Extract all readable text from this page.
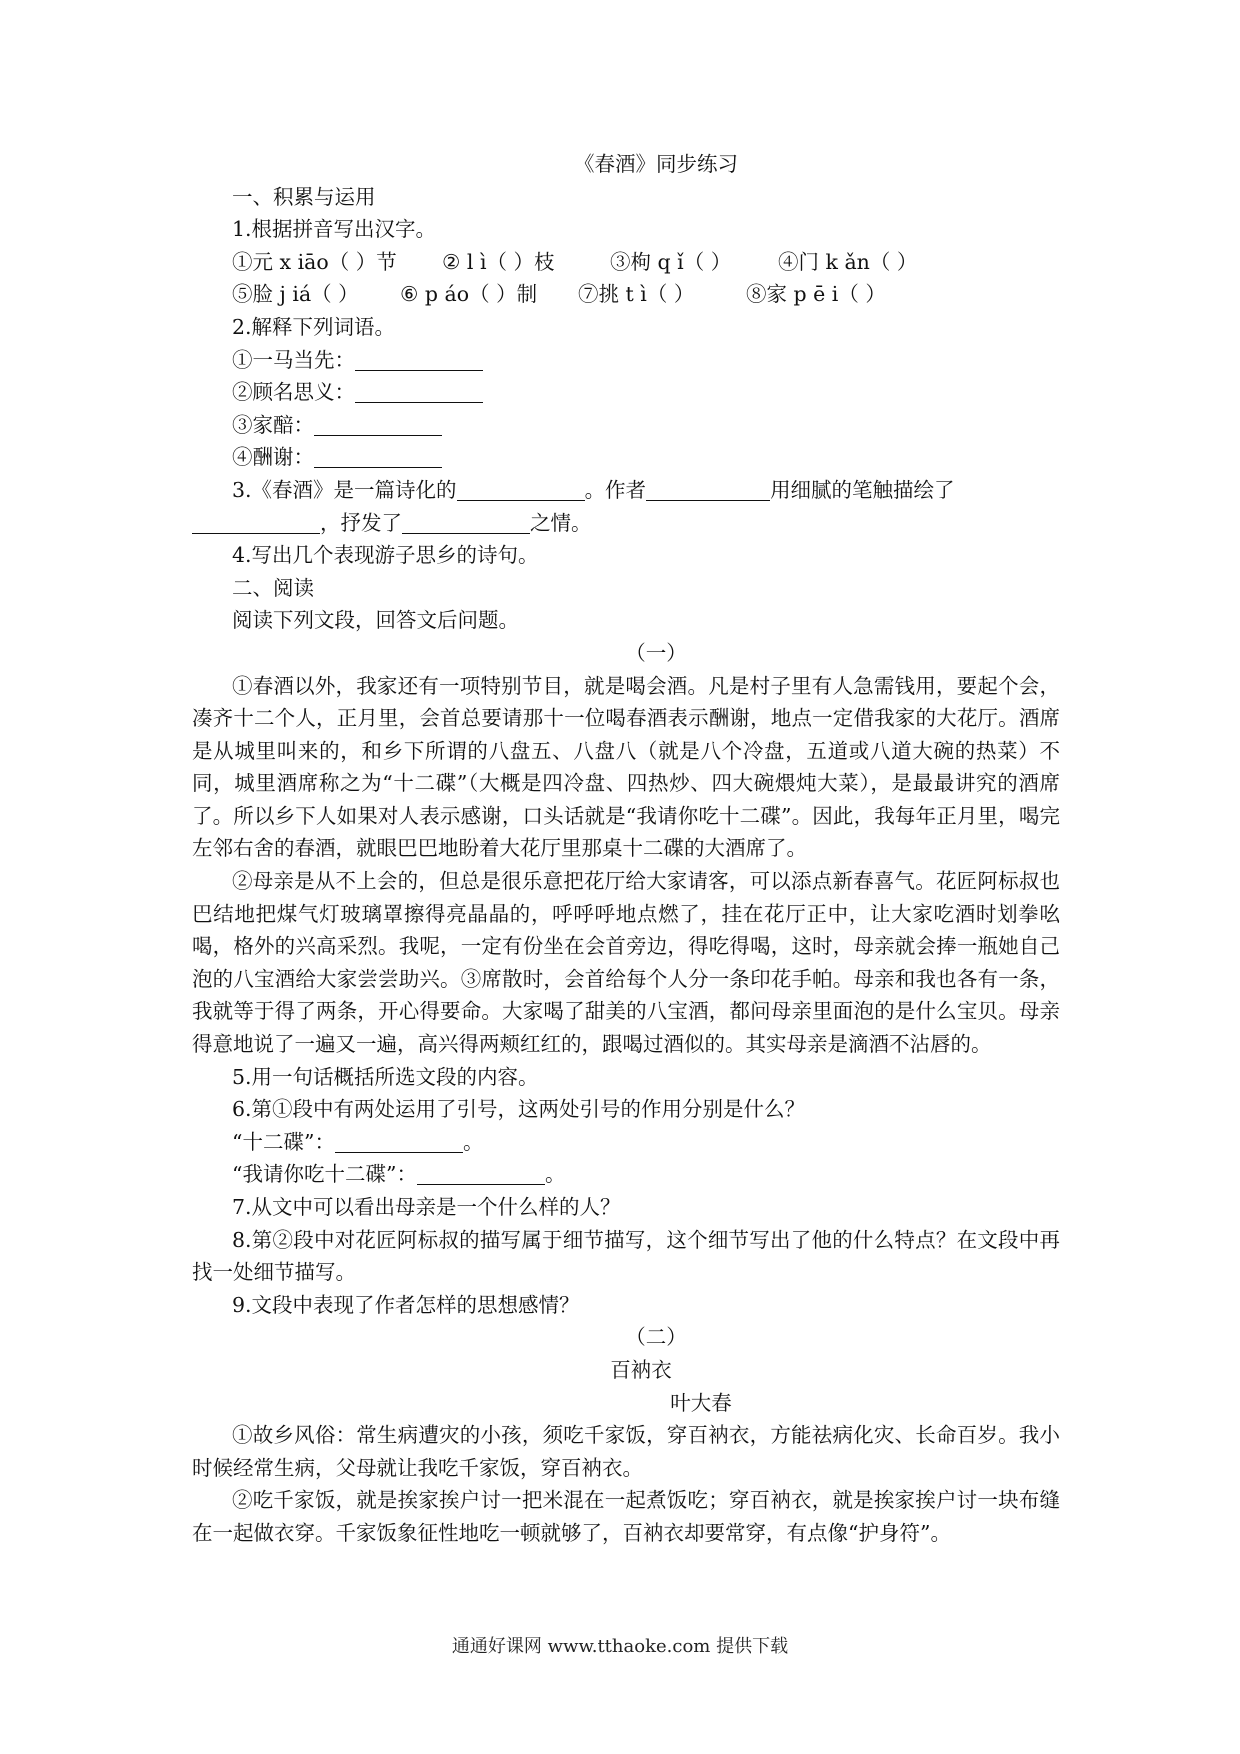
《春酒》同步练习
一、积累与运用
1.根据拼音写出汉字。
①元 x iāo（ ）节 ② l ì（ ）枝	③枸 q ǐ（ ） ④门 k ǎn（ ）
⑤脸 j iá（ ） ⑥ p áo（ ）制 ⑦挑 t ì（ ）	⑧家 p ē i（ ）
2.解释下列词语。
①一马当先：
②顾名思义：
③家醅：
④酬谢：
3.《春酒》是一篇诗化的	。作者	用细腻的笔触描绘了
，抒发了	之情。
4.写出几个表现游子思乡的诗句。
二、阅读
阅读下列文段，回答文后问题。
（一）
①春酒以外，我家还有一项特别节目，就是喝会酒。凡是村子里有人急需钱用，要起个会，凑齐十二个人，正月里，会首总要请那十一位喝春酒表示酬谢，地点一定借我家的大花厅。酒席是从城里叫来的，和乡下所谓的八盘五、八盘八（就是八个冷盘，五道或八道大碗的热菜）不同，城里酒席称之为“十二碟”（大概是四冷盘、四热炒、四大碗煨炖大菜），是最最讲究的酒席了。所以乡下人如果对人表示感谢，口头话就是“我请你吃十二碟”。因此，我每年正月里，喝完左邻右舍的春酒，就眼巴巴地盼着大花厅里那桌十二碟的大酒席了。
②母亲是从不上会的，但总是很乐意把花厅给大家请客，可以添点新春喜气。花匠阿标叔也巴结地把煤气灯玻璃罩擦得亮晶晶的，呼呼呼地点燃了，挂在花厅正中，让大家吃酒时划拳吆喝，格外的兴高采烈。我呢，一定有份坐在会首旁边，得吃得喝，这时，母亲就会捧一瓶她自己泡的八宝酒给大家尝尝助兴。③席散时，会首给每个人分一条印花手帕。母亲和我也各有一条，我就等于得了两条，开心得要命。大家喝了甜美的八宝酒，都问母亲里面泡的是什么宝贝。母亲得意地说了一遍又一遍，高兴得两颊红红的，跟喝过酒似的。其实母亲是滴酒不沾唇的。
5.用一句话概括所选文段的内容。
6.第①段中有两处运用了引号，这两处引号的作用分别是什么？
“十二碟”：	。
“我请你吃十二碟”：	。
7.从文中可以看出母亲是一个什么样的人？
8.第②段中对花匠阿标叔的描写属于细节描写，这个细节写出了他的什么特点？在文段中再找一处细节描写。
9.文段中表现了作者怎样的思想感情？
（二）
百衲衣
叶大春
①故乡风俗：常生病遭灾的小孩，须吃千家饭，穿百衲衣，方能祛病化灾、长命百岁。我小时候经常生病，父母就让我吃千家饭，穿百衲衣。
②吃千家饭，就是挨家挨户讨一把米混在一起煮饭吃；穿百衲衣，就是挨家挨户讨一块布缝在一起做衣穿。千家饭象征性地吃一顿就够了，百衲衣却要常穿，有点像“护身符”。
通通好课网 www.tthaoke.com 提供下载
